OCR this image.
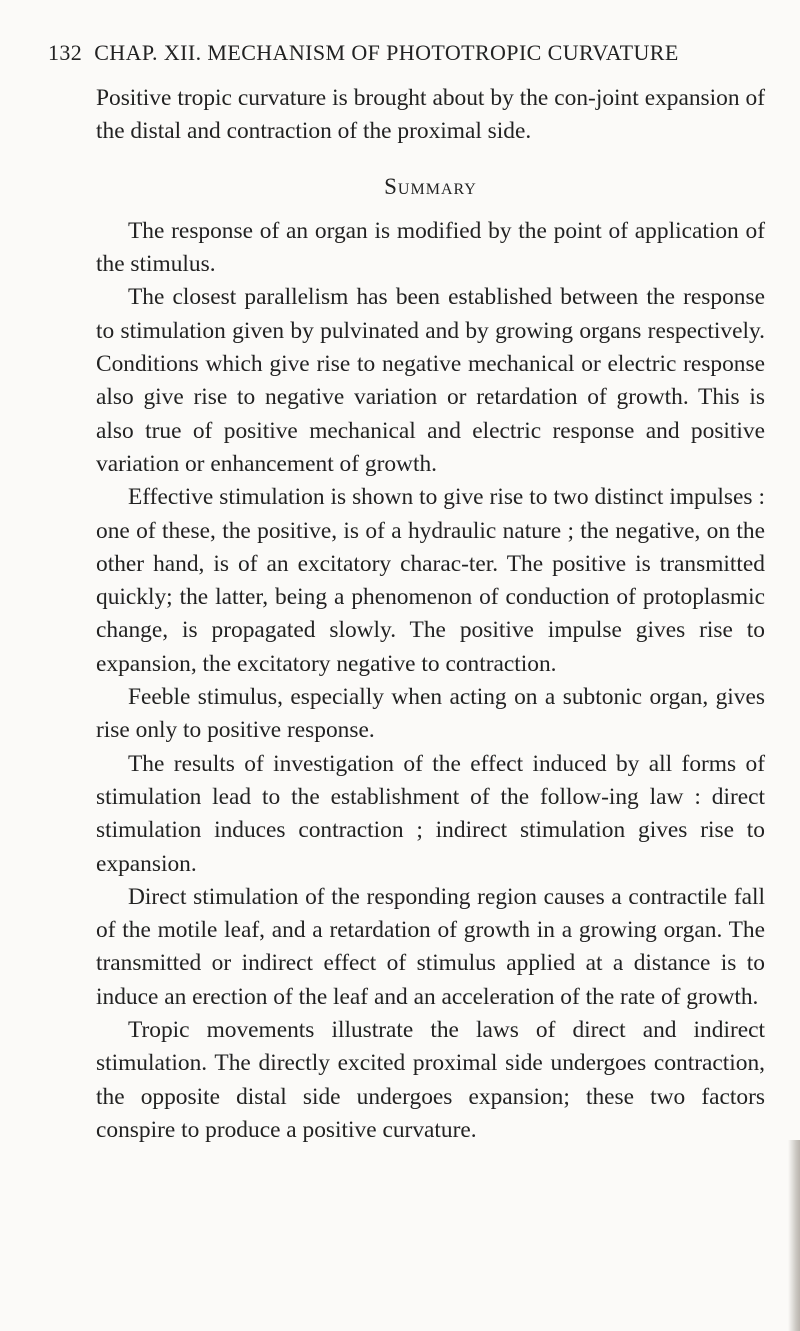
132 CHAP. XII. MECHANISM OF PHOTOTROPIC CURVATURE

Positive tropic curvature is brought about by the con-joint expansion of the distal and contraction of the proximal side.

Summary

The response of an organ is modified by the point of application of the stimulus.

The closest parallelism has been established between the response to stimulation given by pulvinated and by growing organs respectively. Conditions which give rise to negative mechanical or electric response also give rise to negative variation or retardation of growth. This is also true of positive mechanical and electric response and positive variation or enhancement of growth.

Effective stimulation is shown to give rise to two distinct impulses : one of these, the positive, is of a hydraulic nature ; the negative, on the other hand, is of an excitatory charac-ter. The positive is transmitted quickly; the latter, being a phenomenon of conduction of protoplasmic change, is propagated slowly. The positive impulse gives rise to expansion, the excitatory negative to contraction.

Feeble stimulus, especially when acting on a subtonic organ, gives rise only to positive response.

The results of investigation of the effect induced by all forms of stimulation lead to the establishment of the follow-ing law : direct stimulation induces contraction ; indirect stimulation gives rise to expansion.

Direct stimulation of the responding region causes a contractile fall of the motile leaf, and a retardation of growth in a growing organ. The transmitted or indirect effect of stimulus applied at a distance is to induce an erection of the leaf and an acceleration of the rate of growth.

Tropic movements illustrate the laws of direct and indirect stimulation. The directly excited proximal side undergoes contraction, the opposite distal side undergoes expansion; these two factors conspire to produce a positive curvature.
